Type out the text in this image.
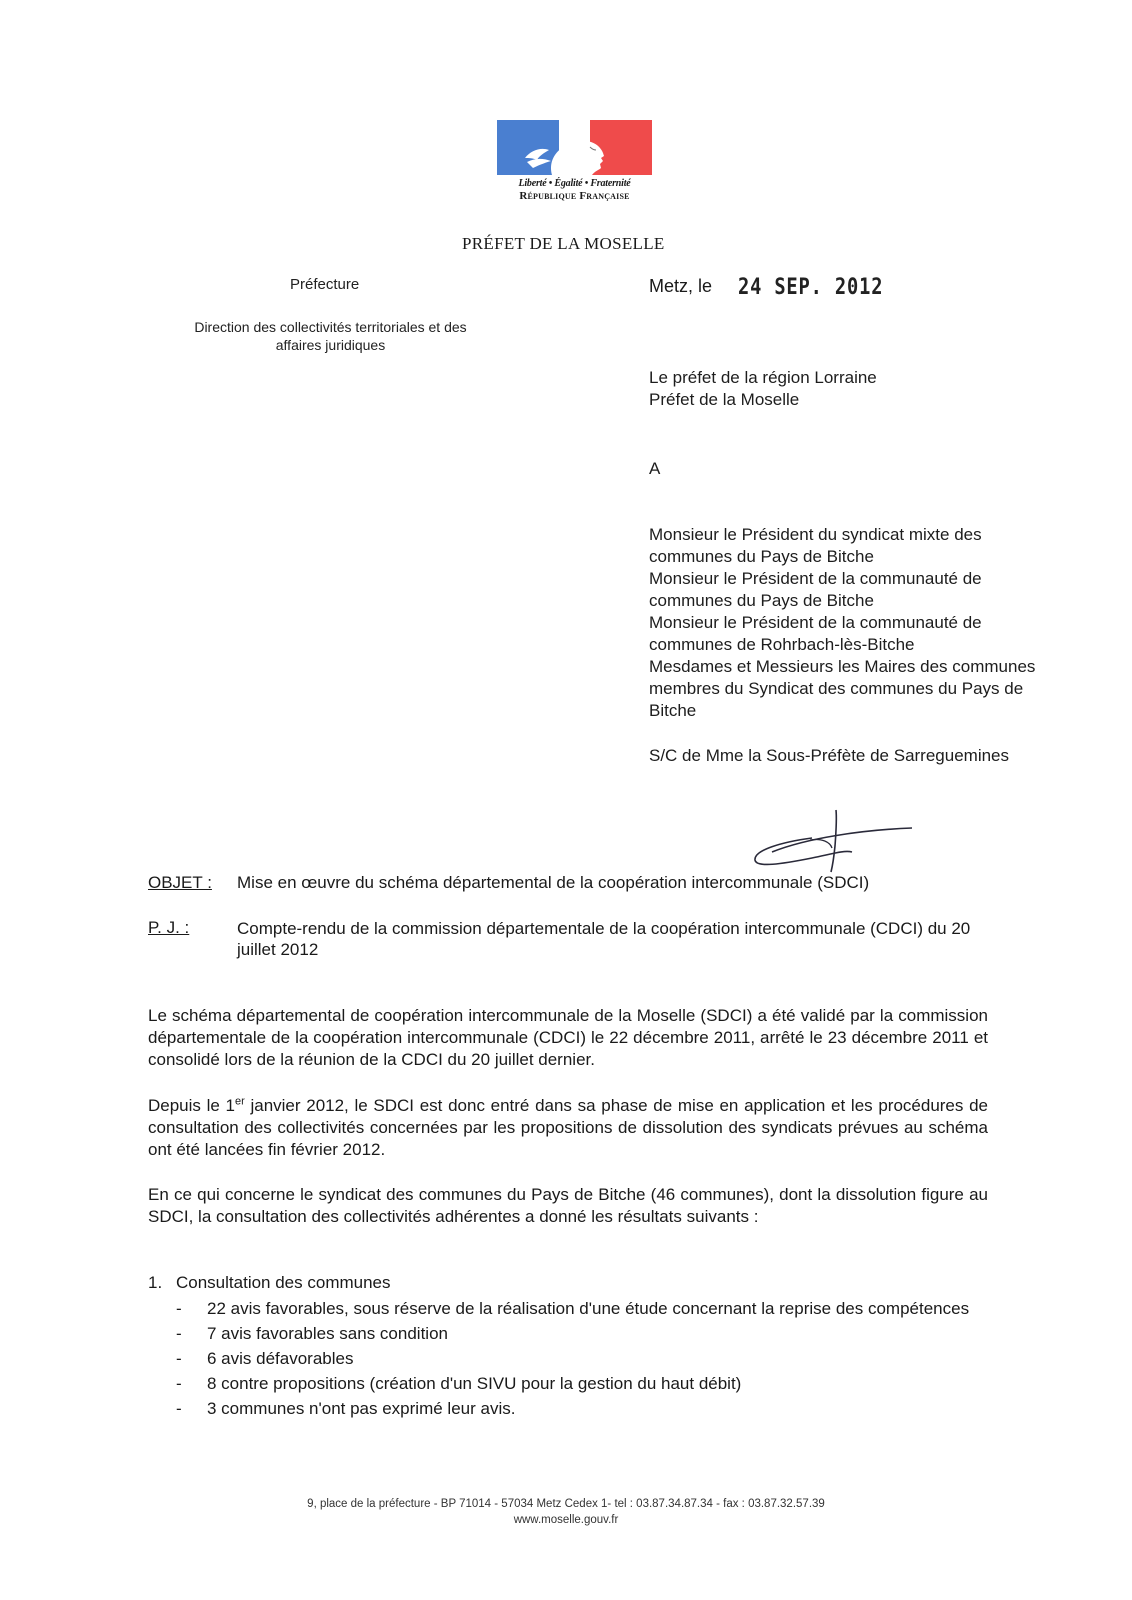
Liberté • Égalité • Fraternité
République Française
PRÉFET DE LA MOSELLE
Préfecture
Direction des collectivités territoriales et des affaires juridiques
Metz, le 24 SEP. 2012
Le préfet de la région Lorraine
Préfet de la Moselle
A
Monsieur le Président du syndicat mixte des communes du Pays de Bitche
Monsieur le Président de la communauté de communes du Pays de Bitche
Monsieur le Président de la communauté de communes de Rohrbach-lès-Bitche
Mesdames et Messieurs les Maires des communes membres du Syndicat des communes du Pays de Bitche
S/C de Mme la Sous-Préfète de Sarreguemines
OBJET : Mise en œuvre du schéma départemental de la coopération intercommunale (SDCI)
P. J. :	Compte-rendu de la commission départementale de la coopération intercommunale (CDCI) du 20 juillet 2012
Le schéma départemental de coopération intercommunale de la Moselle (SDCI) a été validé par la commission départementale de la coopération intercommunale (CDCI) le 22 décembre 2011, arrêté le 23 décembre 2011 et consolidé lors de la réunion de la CDCI du 20 juillet dernier.
Depuis le 1er janvier 2012, le SDCI est donc entré dans sa phase de mise en application et les procédures de consultation des collectivités concernées par les propositions de dissolution des syndicats prévues au schéma ont été lancées fin février 2012.
En ce qui concerne le syndicat des communes du Pays de Bitche (46 communes), dont la dissolution figure au SDCI, la consultation des collectivités adhérentes a donné les résultats suivants :
1. Consultation des communes
-	22 avis favorables, sous réserve de la réalisation d'une étude concernant la reprise des compétences
-	7 avis favorables sans condition
-	6 avis défavorables
-	8 contre propositions (création d'un SIVU pour la gestion du haut débit)
-	3 communes n'ont pas exprimé leur avis.
9, place de la préfecture - BP 71014 - 57034 Metz Cedex 1- tel : 03.87.34.87.34 - fax : 03.87.32.57.39
www.moselle.gouv.fr
